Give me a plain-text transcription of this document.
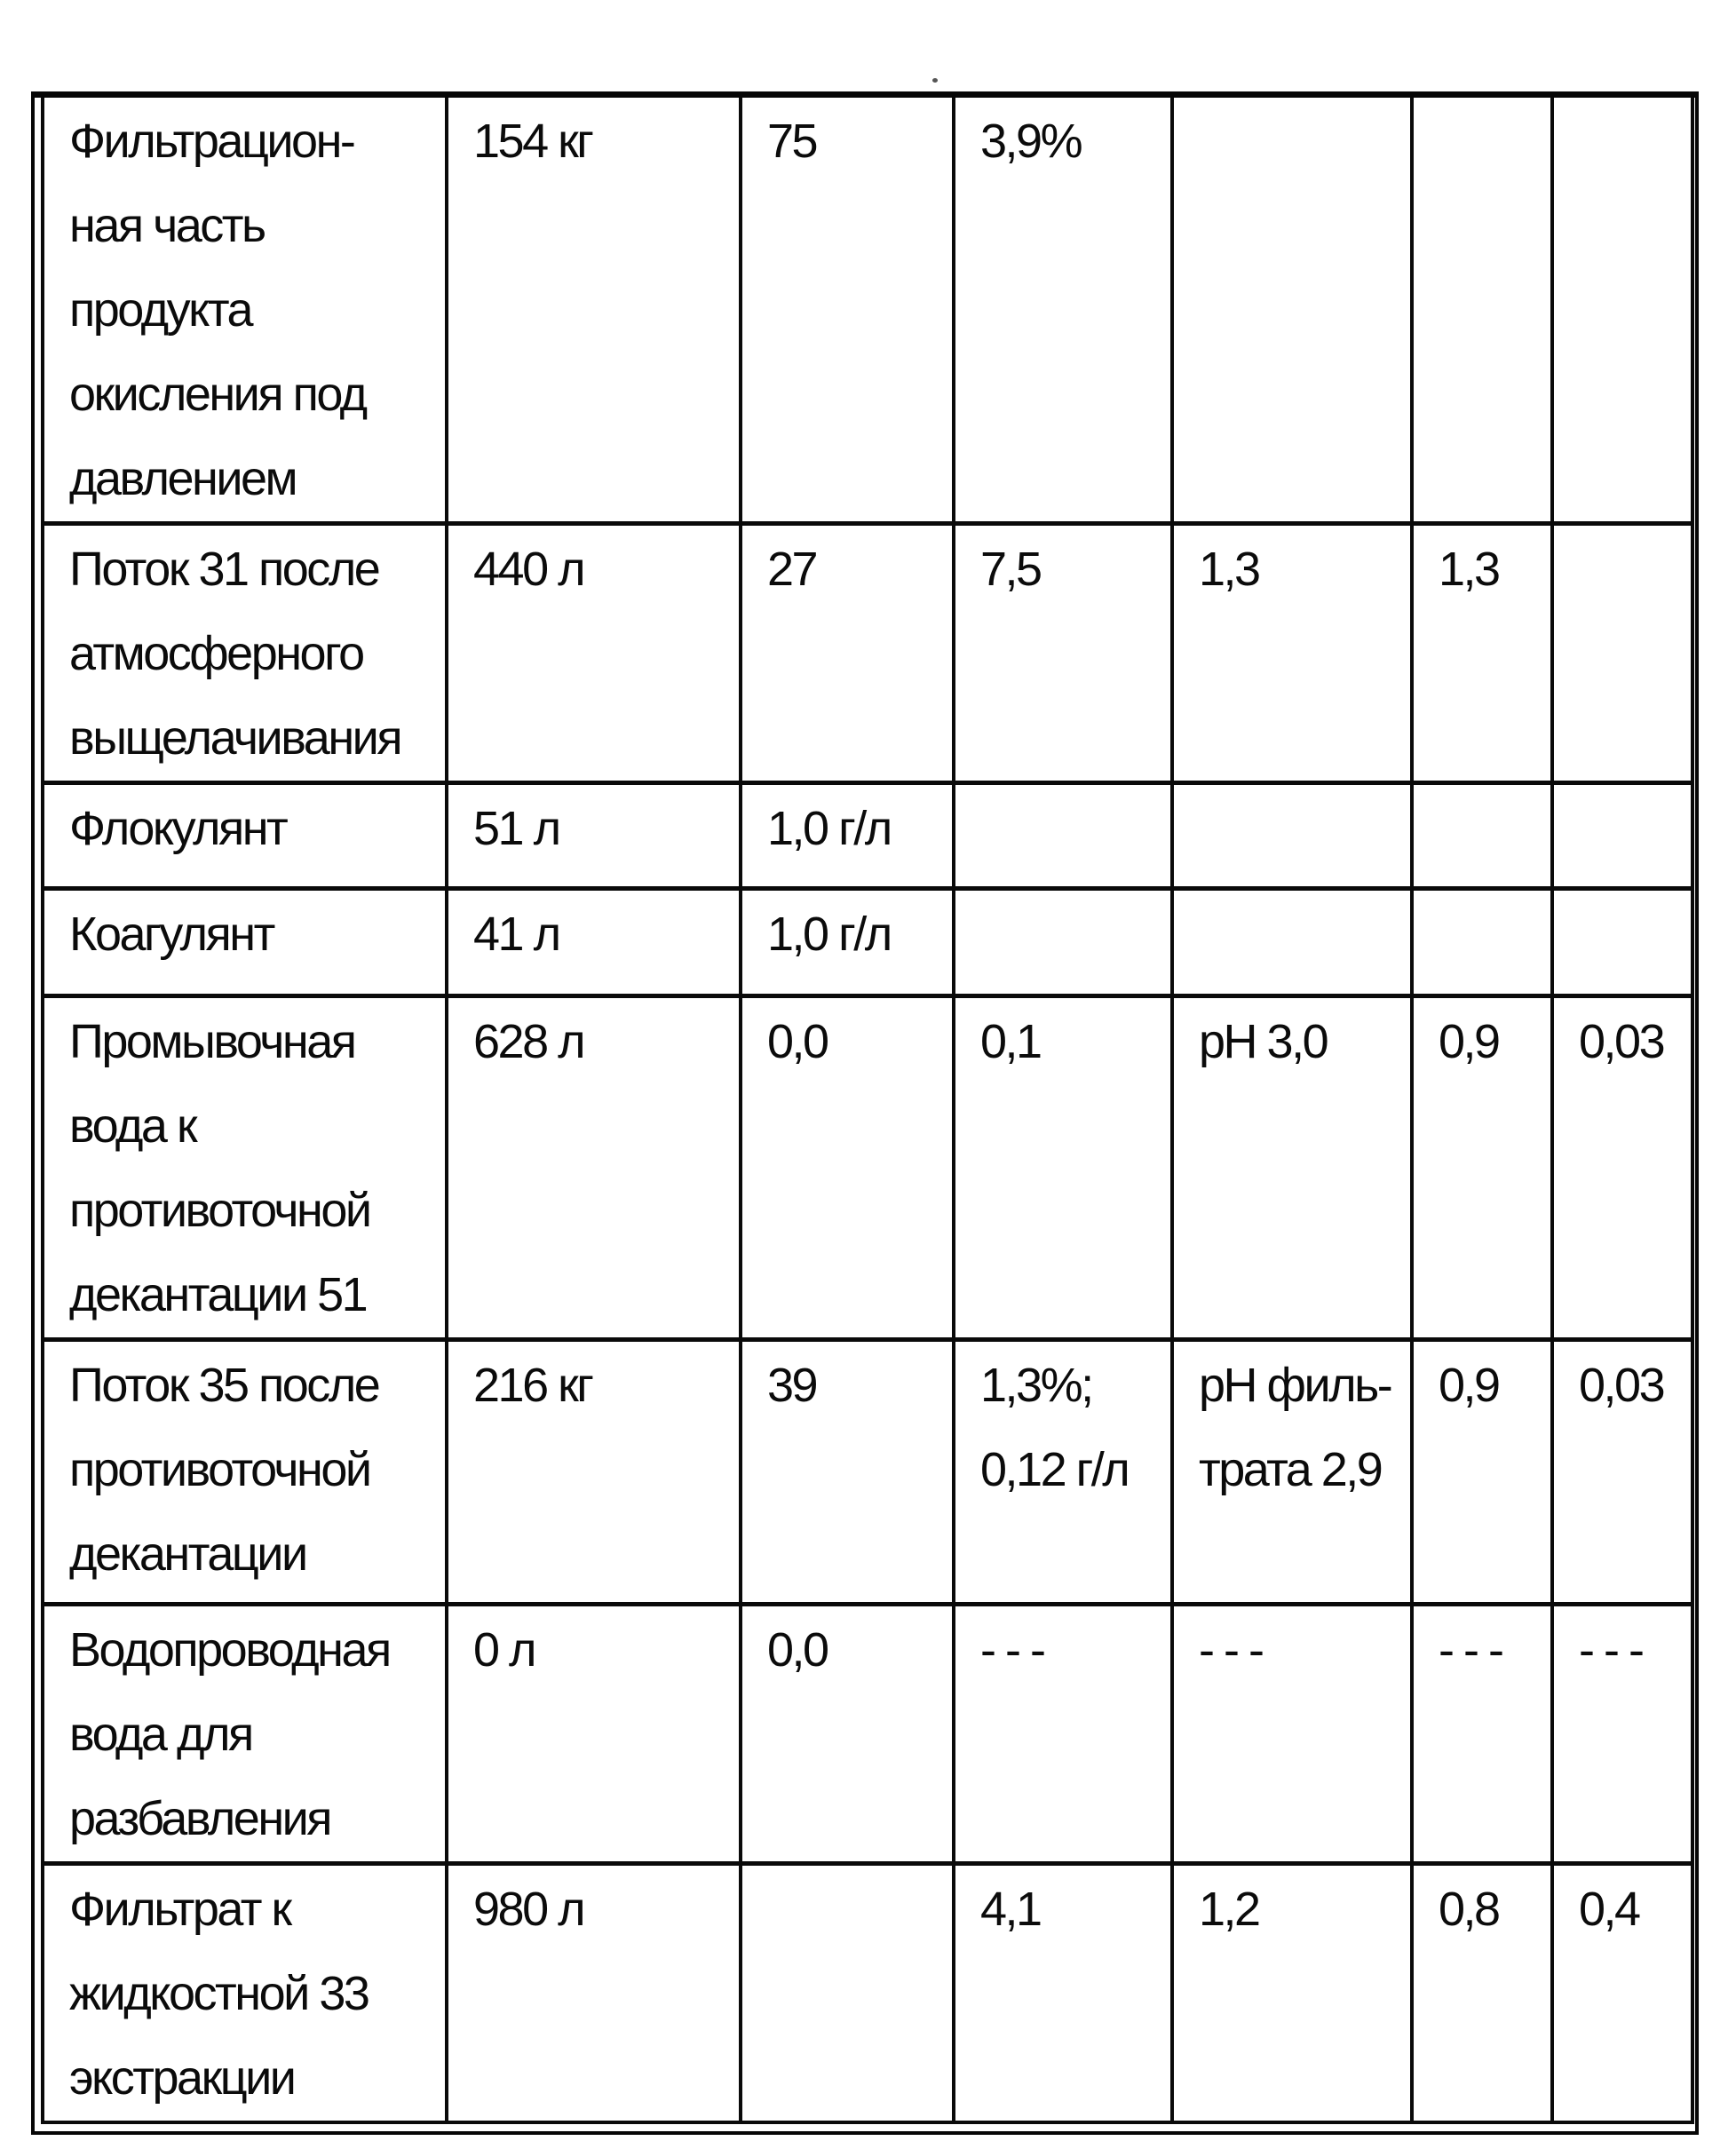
Фильтрацион-
ная часть
продукта
окисления под
давлением	154 кг	75	3,9%			
Поток 31 после
атмосферного
выщелачивания	440 л	27	7,5	1,3	1,3	
Флокулянт	51 л	1,0 г/л				
Коагулянт	41 л	1,0 г/л				
Промывочная
вода к
противоточной
декантации 51	628 л	0,0	0,1	pH 3,0	0,9	0,03
Поток 35 после
противоточной
декантации	216 кг	39	1,3%;
0,12 г/л	pH филь-
трата 2,9	0,9	0,03
Водопроводная
вода для
разбавления	0 л	0,0	- - -	- - -	- - -	- - -
Фильтрат к
жидкостной 33
экстракции	980 л		4,1	1,2	0,8	0,4
